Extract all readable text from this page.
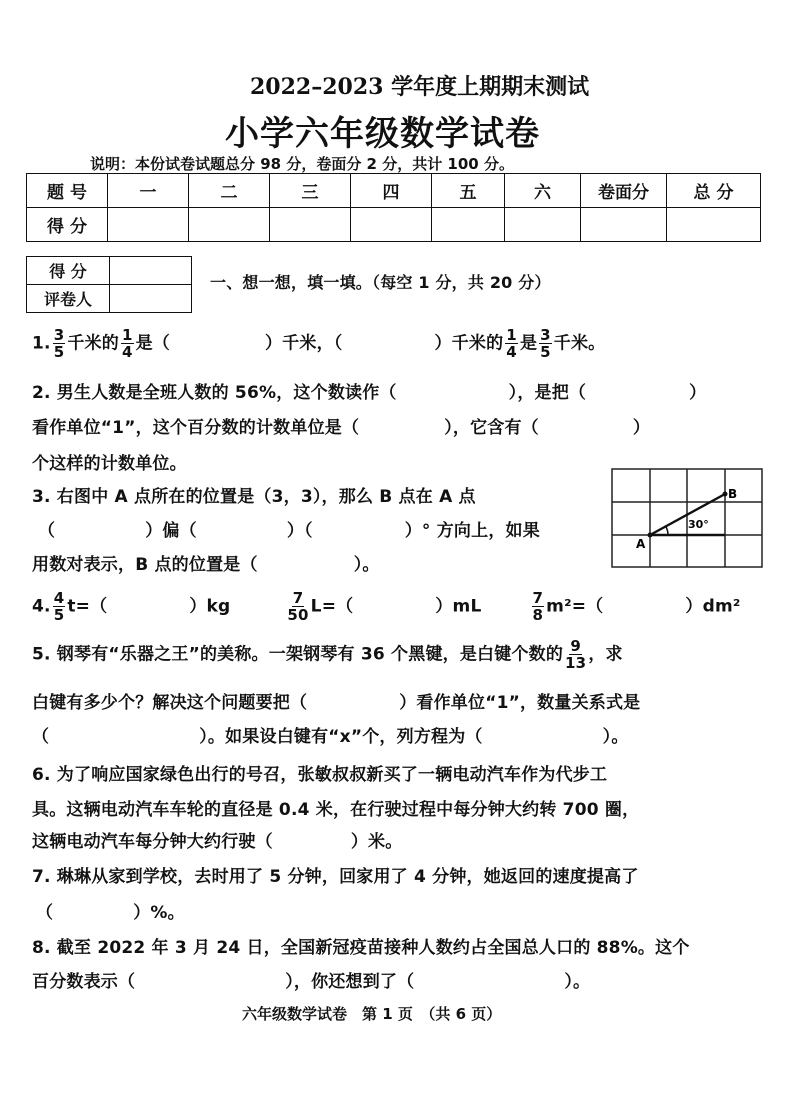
2022–2023 学年度上期期末测试
小学六年级数学试卷
说明：本份试卷试题总分 98 分，卷面分 2 分，共计 100 分。
题 号	一	二	三	四	五	六	卷面分	总 分
得 分								
得 分	
评卷人	
一、想一想，填一填。（每空 1 分，共 20 分）
1. $\frac{3}{5}$ 千米的 $\frac{1}{4}$ 是（	）千米，（	）千米的 $\frac{1}{4}$ 是 $\frac{3}{5}$ 千米。
2. 男生人数是全班人数的 56%，这个数读作（	），是把（	）
看作单位“1”，这个百分数的计数单位是（	），它含有（	）
个这样的计数单位。
3. 右图中 A 点所在的位置是（3，3），那么 B 点在 A 点
（	）偏（	）（	）° 方向上，如果
用数对表示，B 点的位置是（	）。
A
B
30°
4. $\frac{4}{5} t=$（	）kg	$\frac{7}{50} L=$（	）mL	$\frac{7}{8} m^2=$（	）dm²
5. 钢琴有“乐器之王”的美称。一架钢琴有 36 个黑键，是白键个数的 $\frac{9}{13}$ ，求
白键有多少个？解决这个问题要把（	）看作单位“1”，数量关系式是
（	）。如果设白键有“x”个，列方程为（	）。
6. 为了响应国家绿色出行的号召，张敏叔叔新买了一辆电动汽车作为代步工
具。这辆电动汽车车轮的直径是 0.4 米，在行驶过程中每分钟大约转 700 圈，
这辆电动汽车每分钟大约行驶（	）米。
7. 琳琳从家到学校，去时用了 5 分钟，回家用了 4 分钟，她返回的速度提高了
（	）%。
8. 截至 2022 年 3 月 24 日，全国新冠疫苗接种人数约占全国总人口的 88%。这个
百分数表示（	），你还想到了（	）。
六年级数学试卷　第 1 页　（共 6 页）
